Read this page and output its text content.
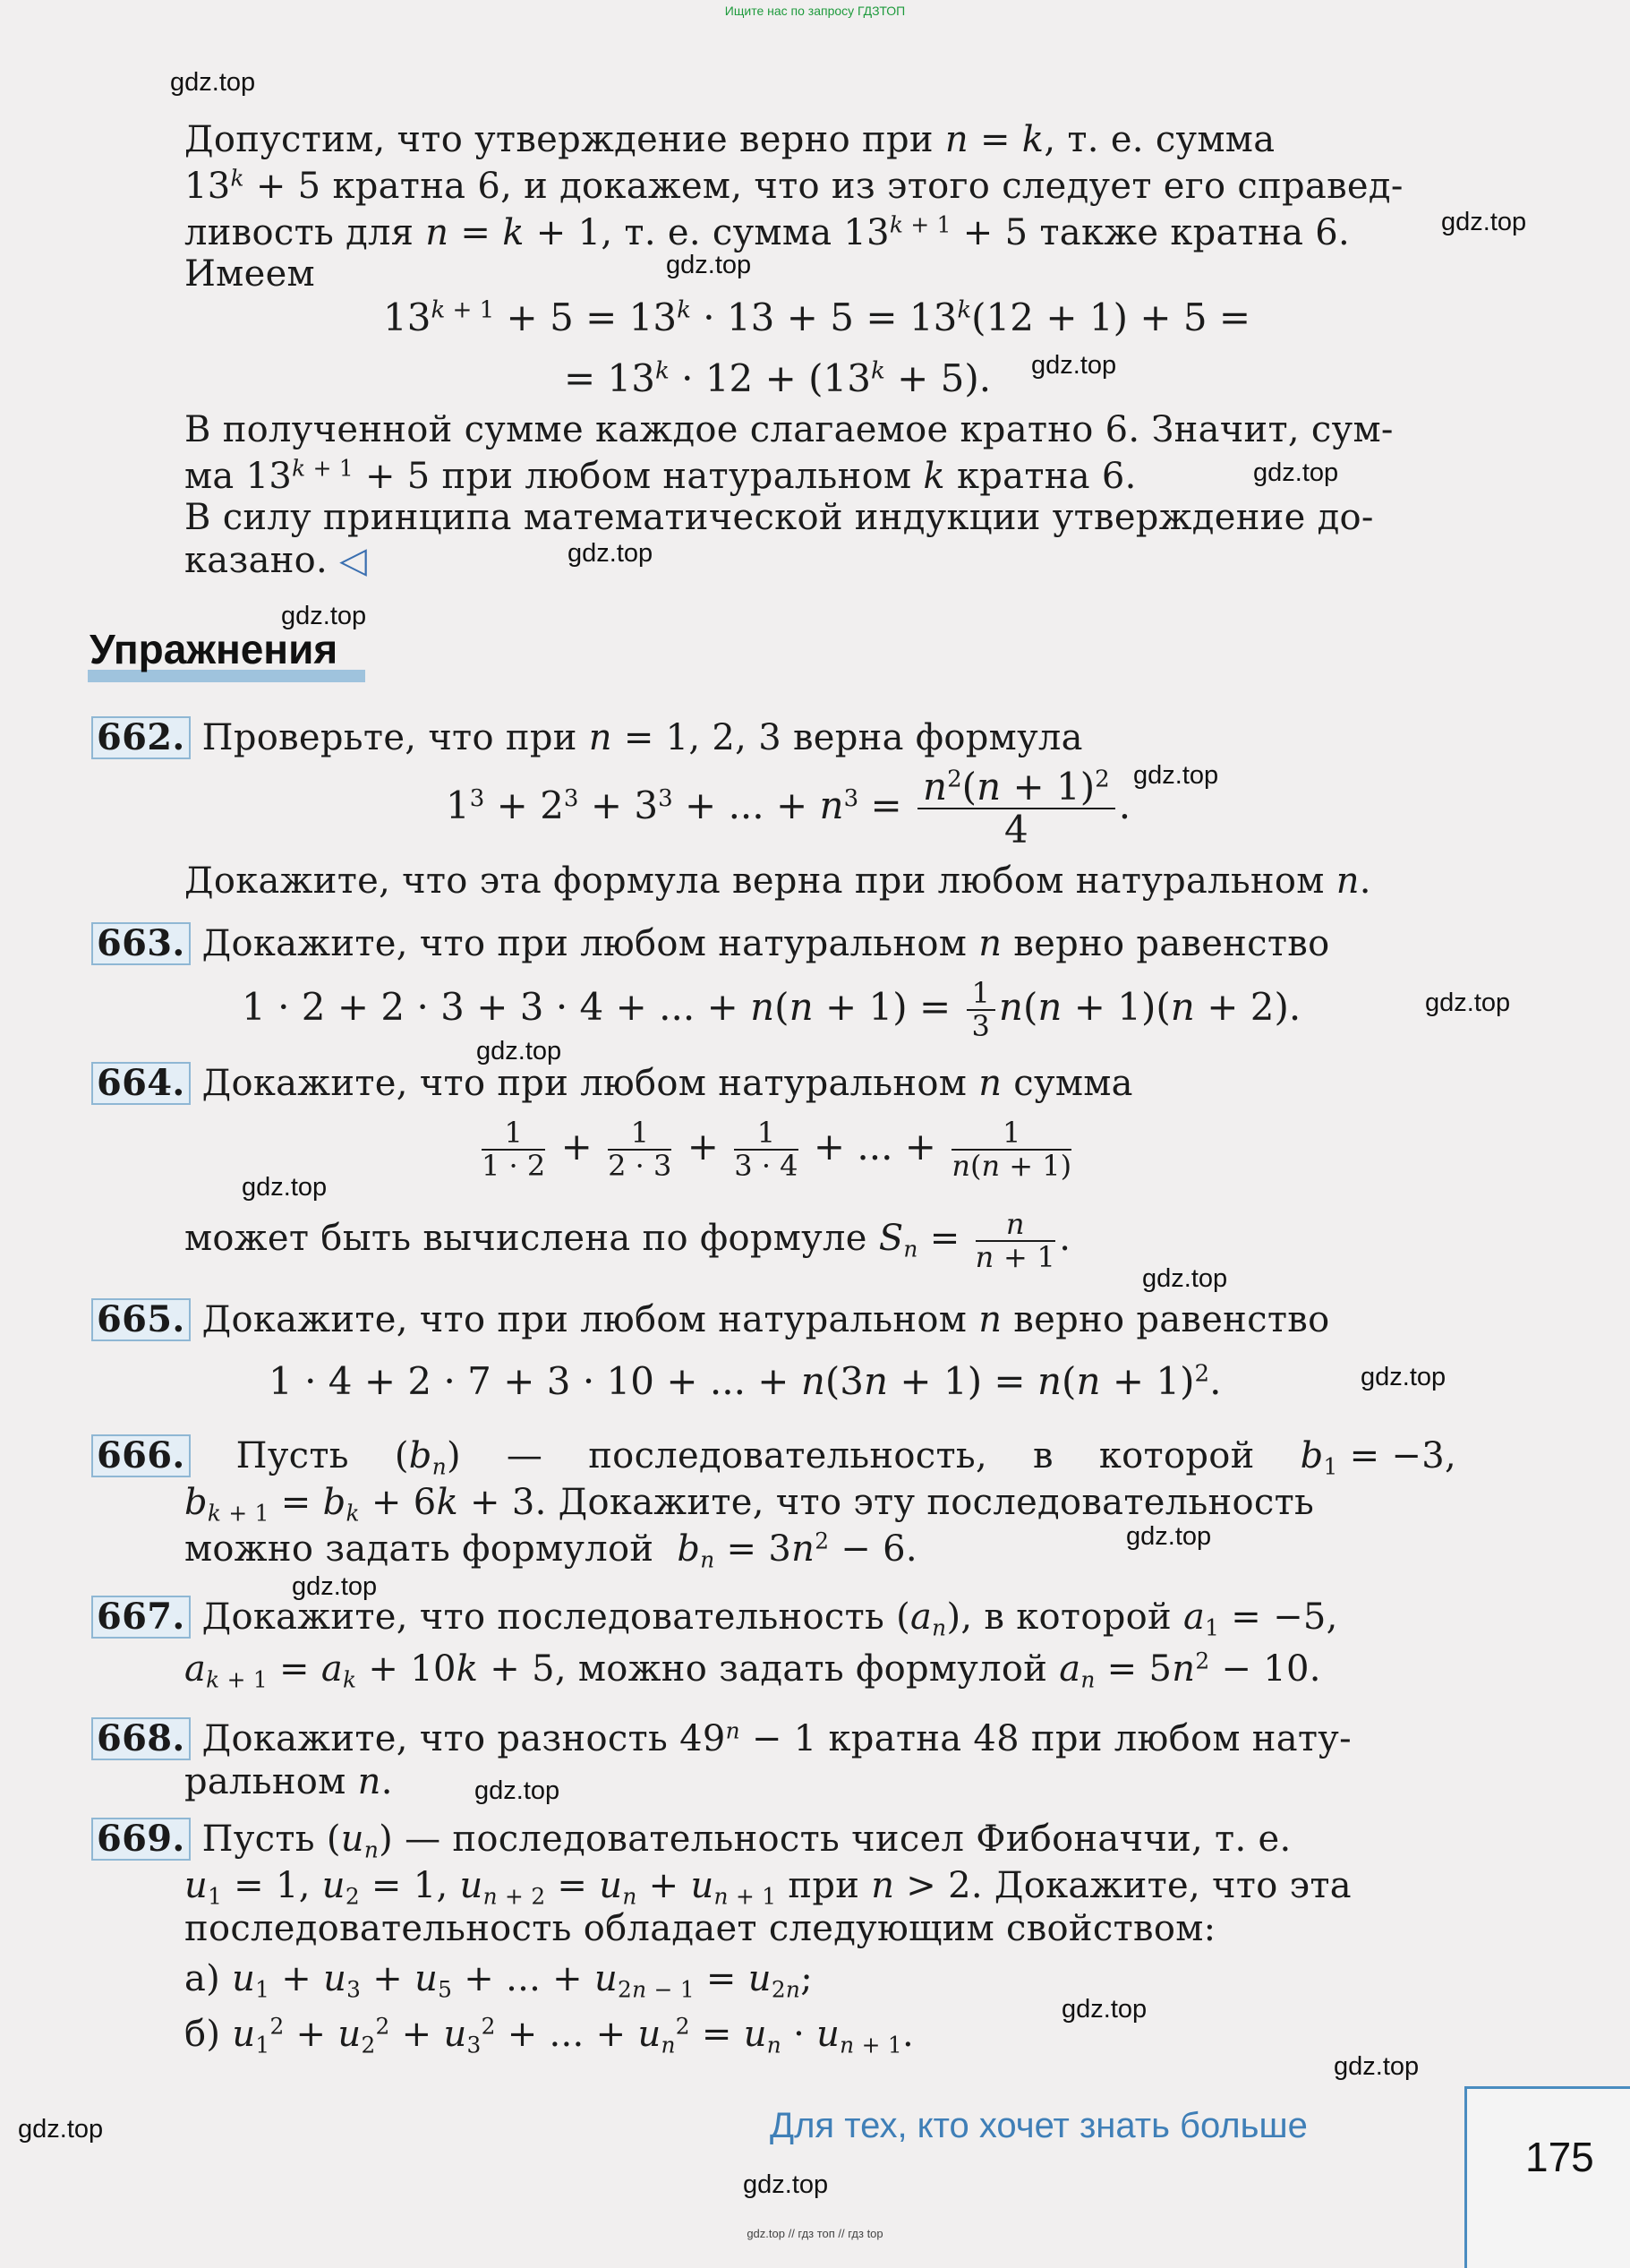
Ищите нас по запросу ГДЗТОП
gdz.top
gdz.top
gdz.top
gdz.top
gdz.top
gdz.top
gdz.top
gdz.top
gdz.top
gdz.top
gdz.top
gdz.top
gdz.top
gdz.top
gdz.top
gdz.top
gdz.top
gdz.top
gdz.top
gdz.top
Допустим, что утверждение верно при n = k, т. е. сумма
$13^k + 5$ кратна 6, и докажем, что из этого следует его справед-
ливость для n = k + 1, т. е. сумма $13^{k + 1} + 5$ также кратна 6.
Имеем
$13^{k + 1} + 5 = 13^k \cdot 13 + 5 = 13^k(12 + 1) + 5$ =
= $13^k \cdot 12 + (13^k + 5)$.
В полученной сумме каждое слагаемое кратно 6. Значит, сум-
ма $13^{k + 1} + 5$ при любом натуральном k кратна 6.
В силу принципа математической индукции утверждение до-
казано. ◁
Упражнения
662. Проверьте, что при n = 1, 2, 3 верна формула
$1^3 + 2^3 + 3^3$ + ... + $n^3 = \frac{n^2(n + 1)^2}{4}$ .
Докажите, что эта формула верна при любом натуральном n.
663. Докажите, что при любом натуральном n верно равенство
1 · 2 + 2 · 3 + 3 · 4 + ... + $n(n + 1) = \frac{1}{3} n(n + 1)(n + 2)$.
664. Докажите, что при любом натуральном n сумма
$\frac{1}{1 \cdot 2} + \frac{1}{2 \cdot 3} + \frac{1}{3 \cdot 4}$ + ... + $\frac{1}{n(n + 1)}$
может быть вычислена по формуле $S_n = \frac{n}{n + 1}$ .
665. Докажите, что при любом натуральном n верно равенство
1 · 4 + 2 · 7 + 3 · 10 + ... + $n(3n + 1) = n(n + 1)^2$.
666. Пусть $(b_n)$ — последовательность, в которой $b_1 = -3$,
$b_{k + 1} = b_k + 6k + 3$. Докажите, что эту последовательность
можно задать формулой $b_n = 3n^2 - 6$.
667. Докажите, что последовательность $(a_n)$, в которой $a_1 = -5$,
$a_{k + 1} = a_k + 10k + 5$, можно задать формулой $a_n = 5n^2 - 10$.
668. Докажите, что разность $49^n - 1$ кратна 48 при любом нату-
ральном n.
669. Пусть $(u_n)$ — последовательность чисел Фибоначчи, т. е.
$u_1 = 1$, $u_2 = 1$, $u_{n + 2} = u_n + u_{n + 1}$ при n > 2. Докажите, что эта
последовательность обладает следующим свойством:
а) $u_1 + u_3 + u_5$ + ... + $u_{2n - 1} = u_{2n}$;
б) $u_1^2 + u_2^2 + u_3^2$ + ... + $u_n^2 = u_n \cdot u_{n + 1}$.
Для тех, кто хочет знать больше
175
gdz.top // гдз топ // гдз top
